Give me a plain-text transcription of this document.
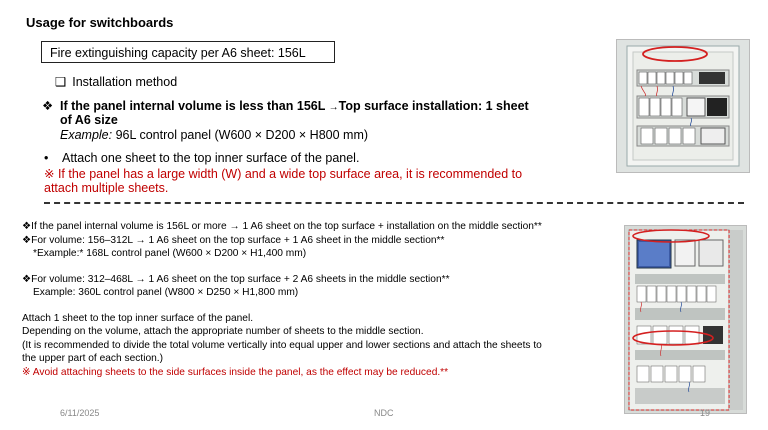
Usage for switchboards
Fire extinguishing capacity per A6 sheet: 156L
❑ Installation method
❖ If the panel internal volume is less than 156L →Top surface installation: 1 sheet
of A6 size
Example: 96L control panel (W600 × D200 × H800 mm)
• Attach one sheet to the top inner surface of the panel.
※ If the panel has a large width (W) and a wide top surface area, it is recommended to
attach multiple sheets.
❖If the panel internal volume is 156L or more → 1 A6 sheet on the top surface + installation on the middle section**
❖For volume: 156–312L → 1 A6 sheet on the top surface + 1 A6 sheet in the middle section**
*Example:* 168L control panel (W600 × D200 × H1,400 mm)
❖For volume: 312–468L → 1 A6 sheet on the top surface + 2 A6 sheets in the middle section**
Example: 360L control panel (W800 × D250 × H1,800 mm)
Attach 1 sheet to the top inner surface of the panel.
Depending on the volume, attach the appropriate number of sheets to the middle section.
(It is recommended to divide the total volume vertically into equal upper and lower sections and attach the sheets to
the upper part of each section.)
※ Avoid attaching sheets to the side surfaces inside the panel, as the effect may be reduced.**
6/11/2025	NDC	19
